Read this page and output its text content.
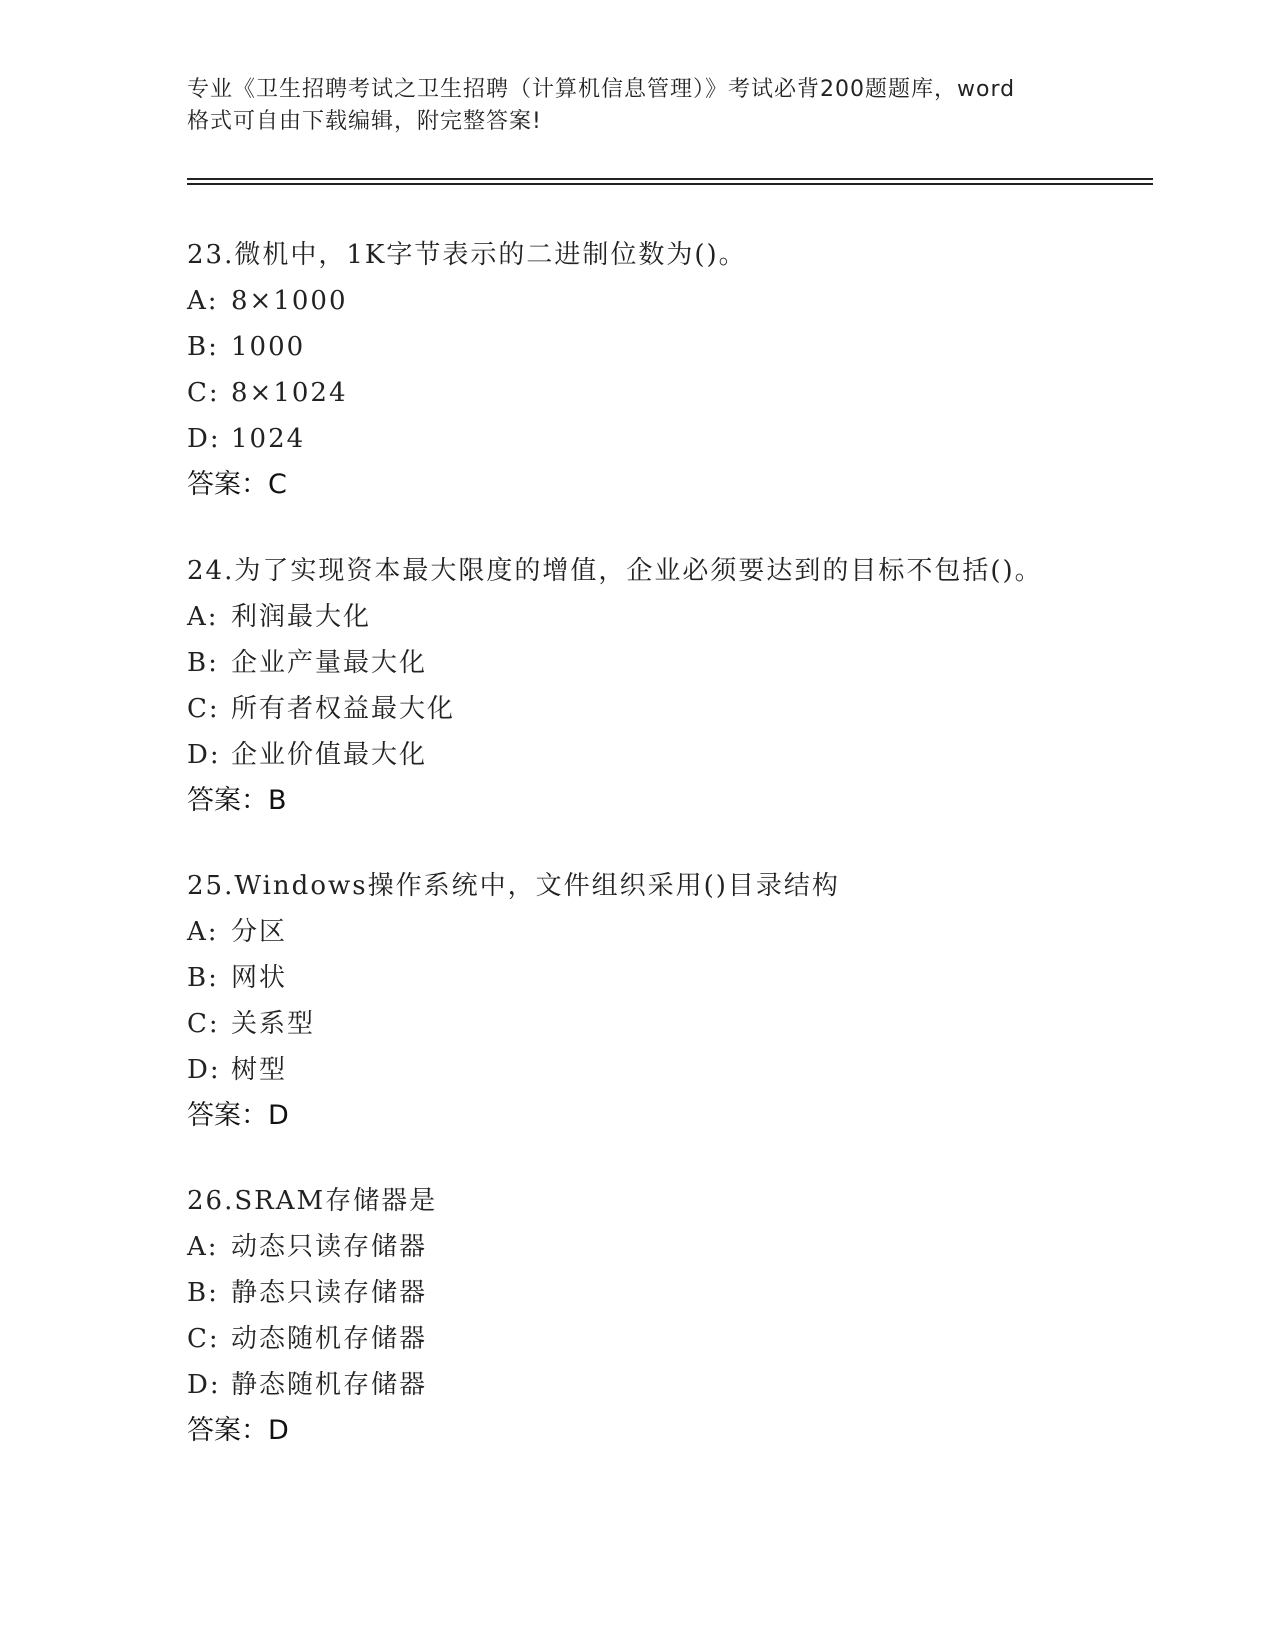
专业《卫生招聘考试之卫生招聘（计算机信息管理）》考试必背200题题库，word
格式可自由下载编辑，附完整答案!
23.微机中，1K字节表示的二进制位数为()。
A: 8×1000
B: 1000
C: 8×1024
D: 1024
答案：C
24.为了实现资本最大限度的增值，企业必须要达到的目标不包括()。
A: 利润最大化
B: 企业产量最大化
C: 所有者权益最大化
D: 企业价值最大化
答案：B
25.Windows操作系统中，文件组织采用()目录结构
A: 分区
B: 网状
C: 关系型
D: 树型
答案：D
26.SRAM存储器是
A: 动态只读存储器
B: 静态只读存储器
C: 动态随机存储器
D: 静态随机存储器
答案：D
